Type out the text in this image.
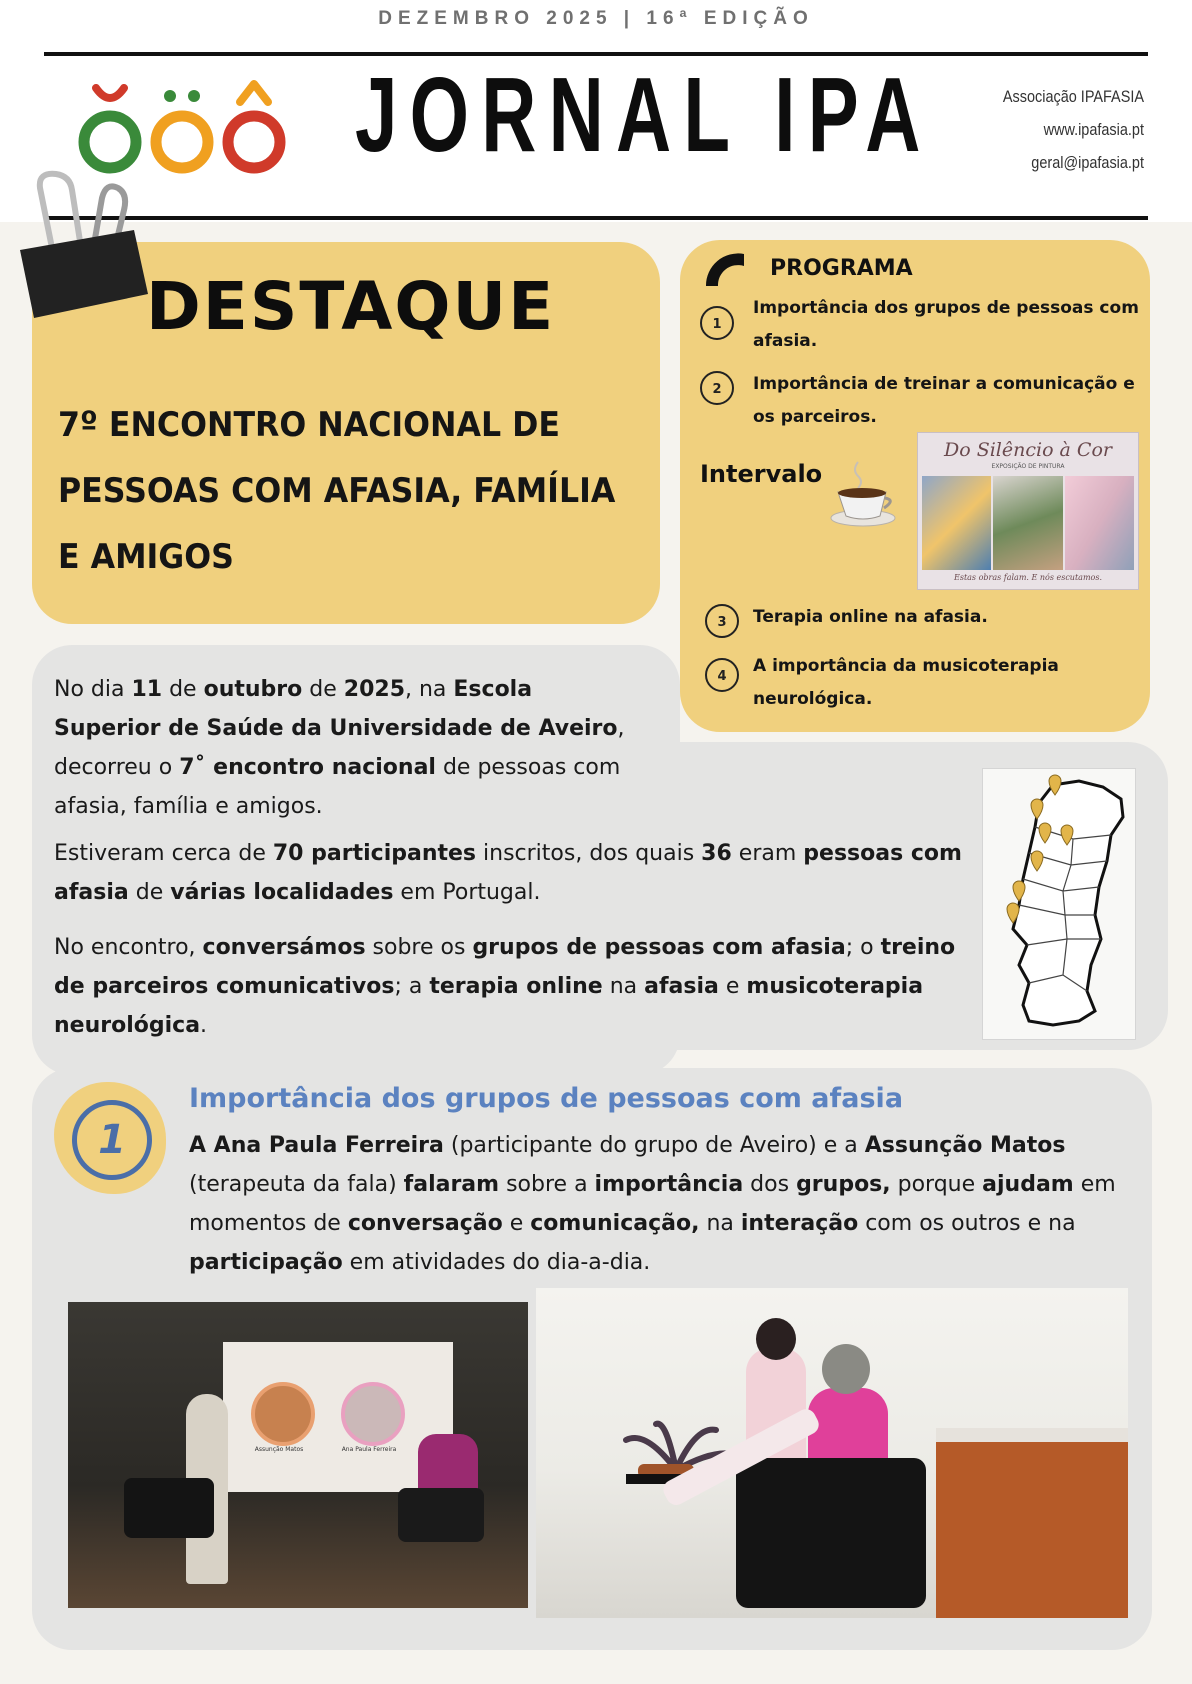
DEZEMBRO 2025 | 16ª EDIÇÃO
JORNAL IPA	Associação IPAFASIA
www.ipafasia.pt
geral@ipafasia.pt
DESTAQUE
7º ENCONTRO NACIONAL DE
PESSOAS COM AFASIA, FAMÍLIA
E AMIGOS
PROGRAMA
1
Importância dos grupos de pessoas com
afasia.
2	Importância de treinar a comunicação e
os parceiros.
Intervalo
Do Silêncio à Cor
EXPOSIÇÃO DE PINTURA
Estas obras falam. E nós escutamos.
3	Terapia online na afasia.
4
A importância da musicoterapia
neurológica.
No dia 11 de outubro de 2025, na Escola Superior de Saúde da Universidade de Aveiro, decorreu o 7˚ encontro nacional de pessoas com afasia, família e amigos.
Estiveram cerca de 70 participantes inscritos, dos quais 36 eram pessoas com afasia de várias localidades em Portugal.
No encontro, conversámos sobre os grupos de pessoas com afasia; o treino de parceiros comunicativos; a terapia online na afasia e musicoterapia neurológica.
1
Importância dos grupos de pessoas com afasia
A Ana Paula Ferreira (participante do grupo de Aveiro) e a Assunção Matos (terapeuta da fala) falaram sobre a importância dos grupos, porque ajudam em momentos de conversação e comunicação, na interação com os outros e na participação em atividades do dia-a-dia.
Assunção Matos	Ana Paula Ferreira
